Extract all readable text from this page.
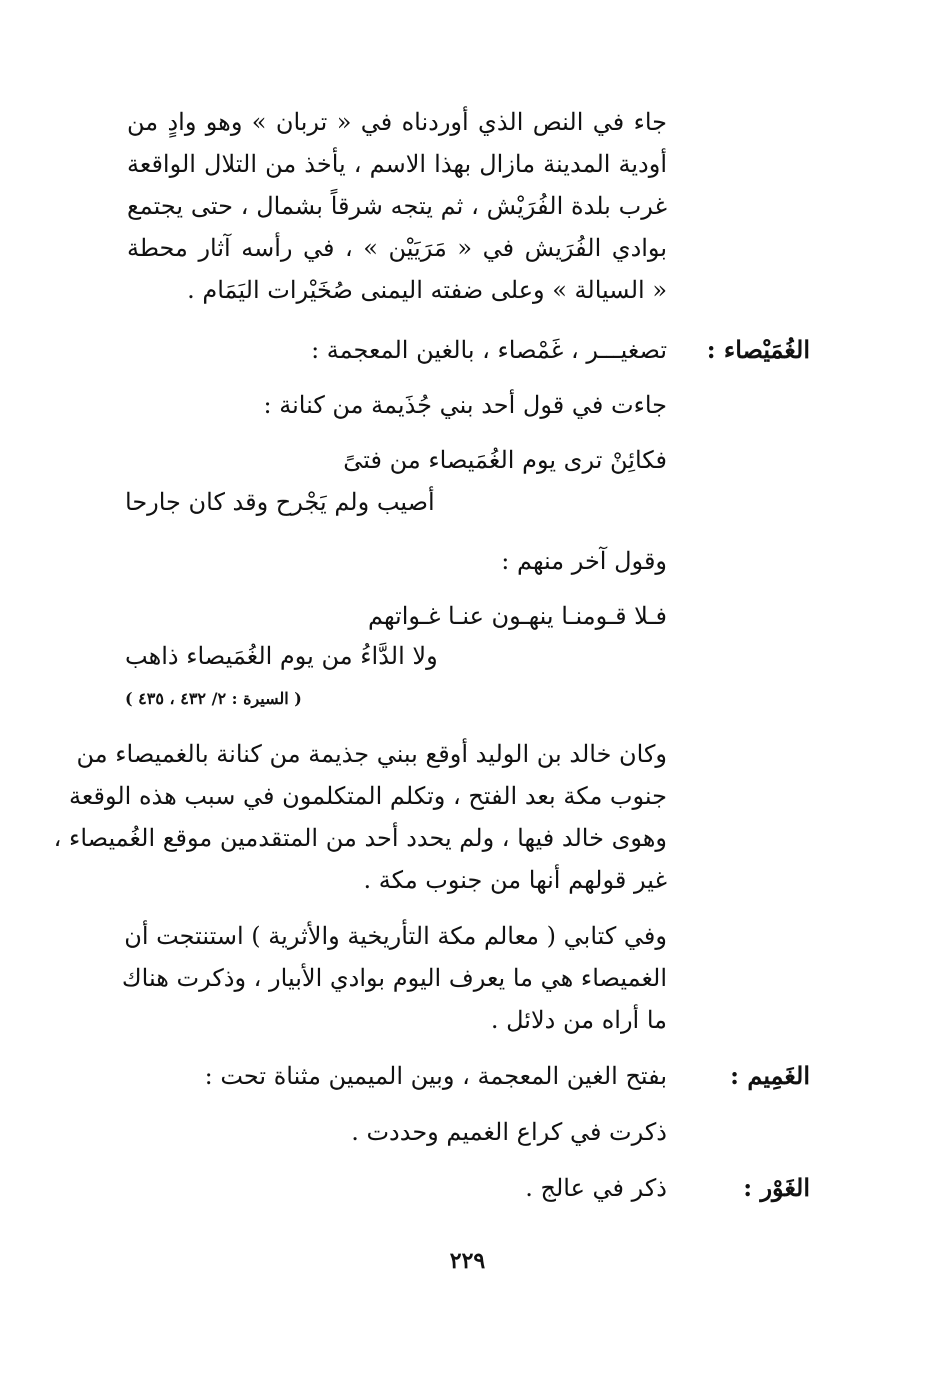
جاء في النص الذي أوردناه في « تربان » وهو وادٍ من
أودية المدينة مازال بهذا الاسم ، يأخذ من التلال الواقعة
غرب بلدة الفُرَيْش ، ثم يتجه شرقاً بشمال ، حتى يجتمع
بوادي الفُرَيش في « مَرَيَيْن » ، في رأسه آثار محطة
« السيالة » وعلى ضفته اليمنى صُخَيْرات اليَمَام .
الغُمَيْصاء :
تصغيـــر ، غَمْصاء ، بالغين المعجمة :
جاءت في قول أحد بني جُذَيمة من كنانة :
فكائِنْ ترى يوم الغُمَيصاء من فتىً
أصيب ولم يَجْرح وقد كان جارحا
وقول آخر منهم :
فـلا قـومنـا ينهـون عنـا غـواتهم
ولا الدَّاءُ من يوم الغُمَيصاء ذاهب
( السيرة : ٢/ ٤٣٢ ، ٤٣٥ )
وكان خالد بن الوليد أوقع ببني جذيمة من كنانة بالغميصاء من
جنوب مكة بعد الفتح ، وتكلم المتكلمون في سبب هذه الوقعة
وهوى خالد فيها ، ولم يحدد أحد من المتقدمين موقع الغُميصاء ،
غير قولهم أنها من جنوب مكة .
وفي كتابي ( معالم مكة التأريخية والأثرية ) استنتجت أن
الغميصاء هي ما يعرف اليوم بوادي الأبيار ، وذكرت هناك
ما أراه من دلائل .
الغَمِيم :
بفتح الغين المعجمة ، وبين الميمين مثناة تحت :
ذكرت في كراع الغميم وحددت .
الغَوْر :
ذكر في عالج .
٢٢٩
